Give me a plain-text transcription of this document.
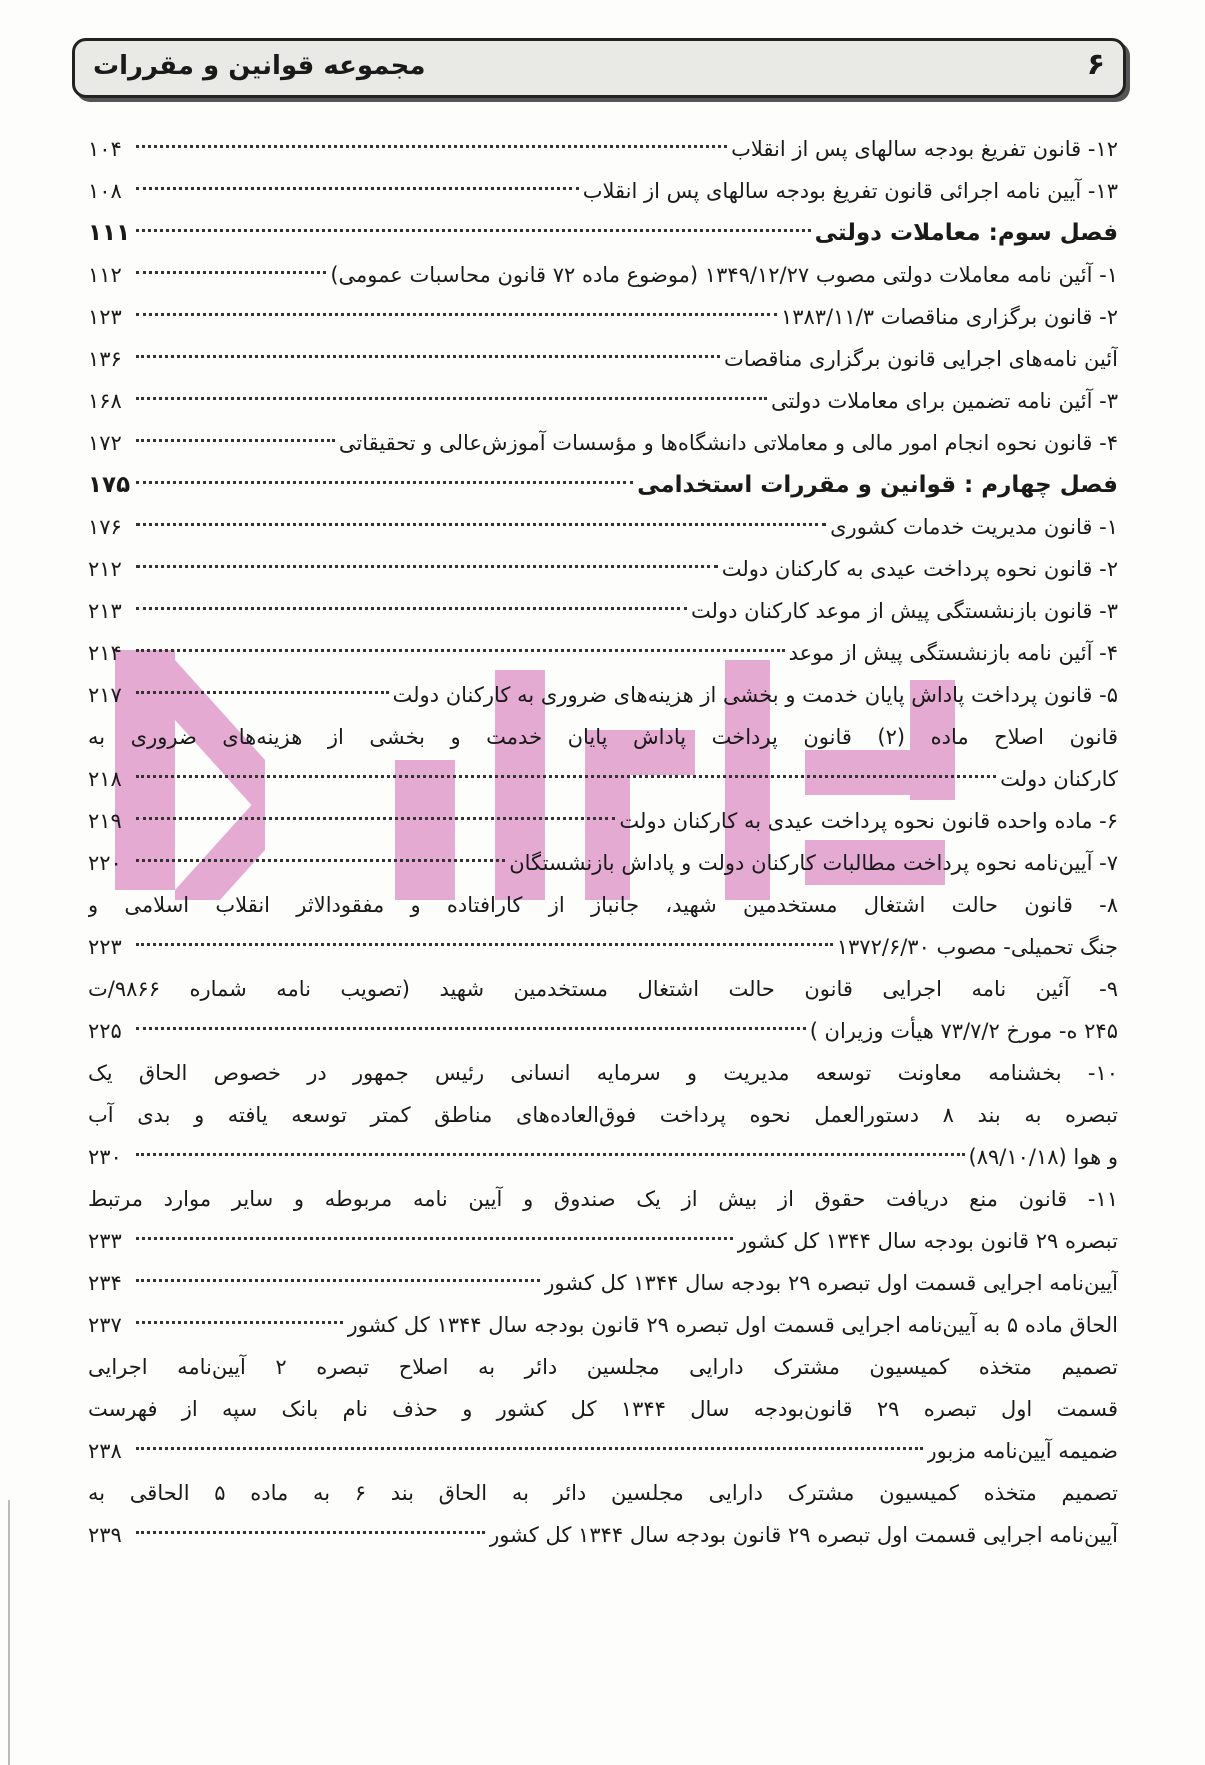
۶
مجموعه قوانین و مقررات
۱۲- قانون تفریغ بودجه سالهای پس از انقلاب
۱۰۴
۱۳- آیین نامه اجرائی قانون تفریغ بودجه سالهای پس از انقلاب
۱۰۸
فصل سوم: معاملات دولتی
۱۱۱
۱- آئین نامه معاملات دولتی مصوب ۱۳۴۹/۱۲/۲۷ (موضوع ماده ۷۲ قانون محاسبات عمومی)
۱۱۲
۲- قانون برگزاری مناقصات ۱۳۸۳/۱۱/۳
۱۲۳
آئین نامه‌های اجرایی قانون برگزاری مناقصات
۱۳۶
۳- آئین نامه تضمین برای معاملات دولتی
۱۶۸
۴- قانون نحوه انجام امور مالی و معاملاتی دانشگاه‌ها و مؤسسات آموزش‌عالی و تحقیقاتی
۱۷۲
فصل چهارم : قوانین و مقررات استخدامی
۱۷۵
۱- قانون مدیریت خدمات کشوری
۱۷۶
۲- قانون نحوه پرداخت عیدی به کارکنان دولت
۲۱۲
۳- قانون بازنشستگی پیش از موعد کارکنان دولت
۲۱۳
۴- آئین نامه بازنشستگی پیش از موعد
۲۱۴
۵- قانون پرداخت پاداش پایان خدمت و بخشی از هزینه‌های ضروری به کارکنان دولت
۲۱۷
قانون اصلاح ماده (۲) قانون پرداخت پاداش پایان خدمت و بخشی از هزینه‌های ضروری به
کارکنان دولت
۲۱۸
۶- ماده واحده قانون نحوه پرداخت عیدی به کارکنان دولت
۲۱۹
۷- آیین‌نامه نحوه پرداخت مطالبات کارکنان دولت و پاداش بازنشستگان
۲۲۰
۸- قانون حالت اشتغال مستخدمین شهید، جانباز از کارافتاده و مفقودالاثر انقلاب اسلامی و
جنگ تحمیلی- مصوب ۱۳۷۲/۶/۳۰
۲۲۳
۹- آئین نامه اجرایی قانون حالت اشتغال مستخدمین شهید (تصویب نامه شماره ۹۸۶۶/ت
۲۴۵ ه- مورخ ۷۳/۷/۲ هیأت وزیران )
۲۲۵
۱۰- بخشنامه معاونت توسعه مدیریت و سرمایه انسانی رئیس جمهور در خصوص الحاق یک
تبصره به بند ۸ دستورالعمل نحوه پرداخت فوق‌العاده‌های مناطق کمتر توسعه یافته و بدی آب
و هوا (۸۹/۱۰/۱۸)
۲۳۰
۱۱- قانون منع دریافت حقوق از بیش از یک صندوق و آیین نامه مربوطه و سایر موارد مرتبط
تبصره ۲۹ قانون بودجه سال ۱۳۴۴ کل کشور
۲۳۳
آیین‌نامه اجرایی قسمت اول تبصره ۲۹ بودجه سال ۱۳۴۴ کل کشور
۲۳۴
الحاق ماده ۵ به آیین‌نامه اجرایی قسمت اول تبصره ۲۹ قانون بودجه سال ۱۳۴۴ کل کشور
۲۳۷
تصمیم متخذه کمیسیون مشترک دارایی مجلسین دائر به اصلاح تبصره ۲ آیین‌نامه اجرایی
قسمت اول تبصره ۲۹ قانون‌بودجه سال ۱۳۴۴ کل کشور و حذف نام بانک سپه از فهرست
ضمیمه آیین‌نامه مزبور
۲۳۸
تصمیم متخذه کمیسیون مشترک دارایی مجلسین دائر به الحاق بند ۶ به ماده ۵ الحاقی به
آیین‌نامه اجرایی قسمت اول تبصره ۲۹ قانون بودجه سال ۱۳۴۴ کل کشور
۲۳۹
